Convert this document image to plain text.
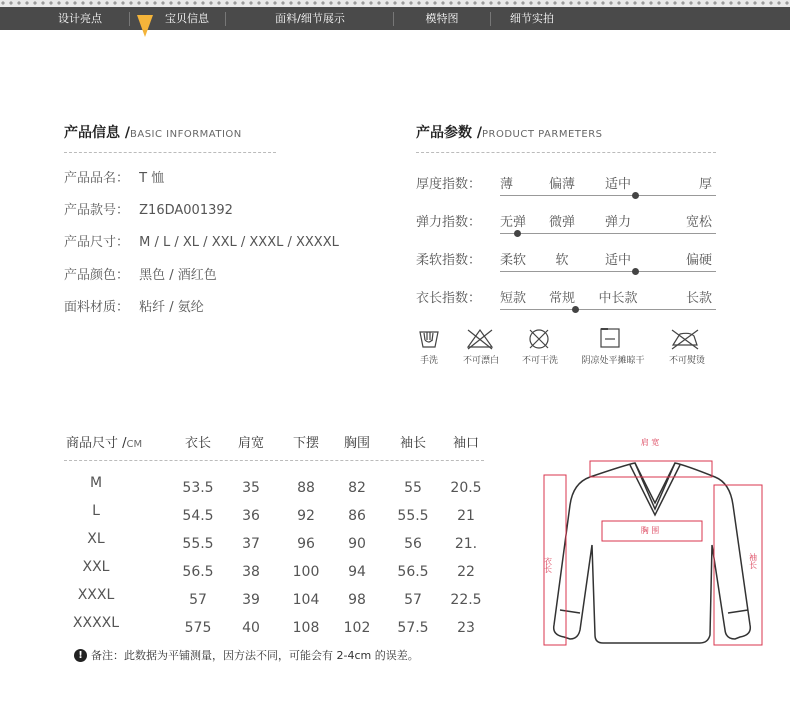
设计亮点	宝贝信息	面料/细节展示	模特图	细节实拍
产品信息 /BASIC INFORMATION
产品品名： T 恤
产品款号： Z16DA001392
产品尺寸： M / L / XL / XXL / XXXL / XXXXL
产品颜色： 黑色 / 酒红色
面料材质： 粘纤 / 氨纶
产品参数 /PRODUCT PARMETERS
厚度指数： 薄	偏薄	适中	厚
弹力指数： 无弹	微弹	弹力	宽松
柔软指数： 柔软	软	适中	偏硬
衣长指数： 短款	常规	中长款	长款
手洗	不可漂白	不可干洗	阴凉处平摊晾干	不可熨烫
商品尺寸 /CM	衣长	肩宽	下摆	胸围	袖长	袖口
M	53.5	35	88	82	55	20.5
L	54.5	36	92	86	55.5	21
XL	55.5	37	96	90	56	21.
XXL	56.5	38	100	94	56.5	22
XXXL	57	39	104	98	57	22.5
XXXXL	575	40	108	102	57.5	23
! 备注：此数据为平铺测量，因方法不同，可能会有 2-4cm 的误差。
肩 宽
胸 围
衣长	袖长
